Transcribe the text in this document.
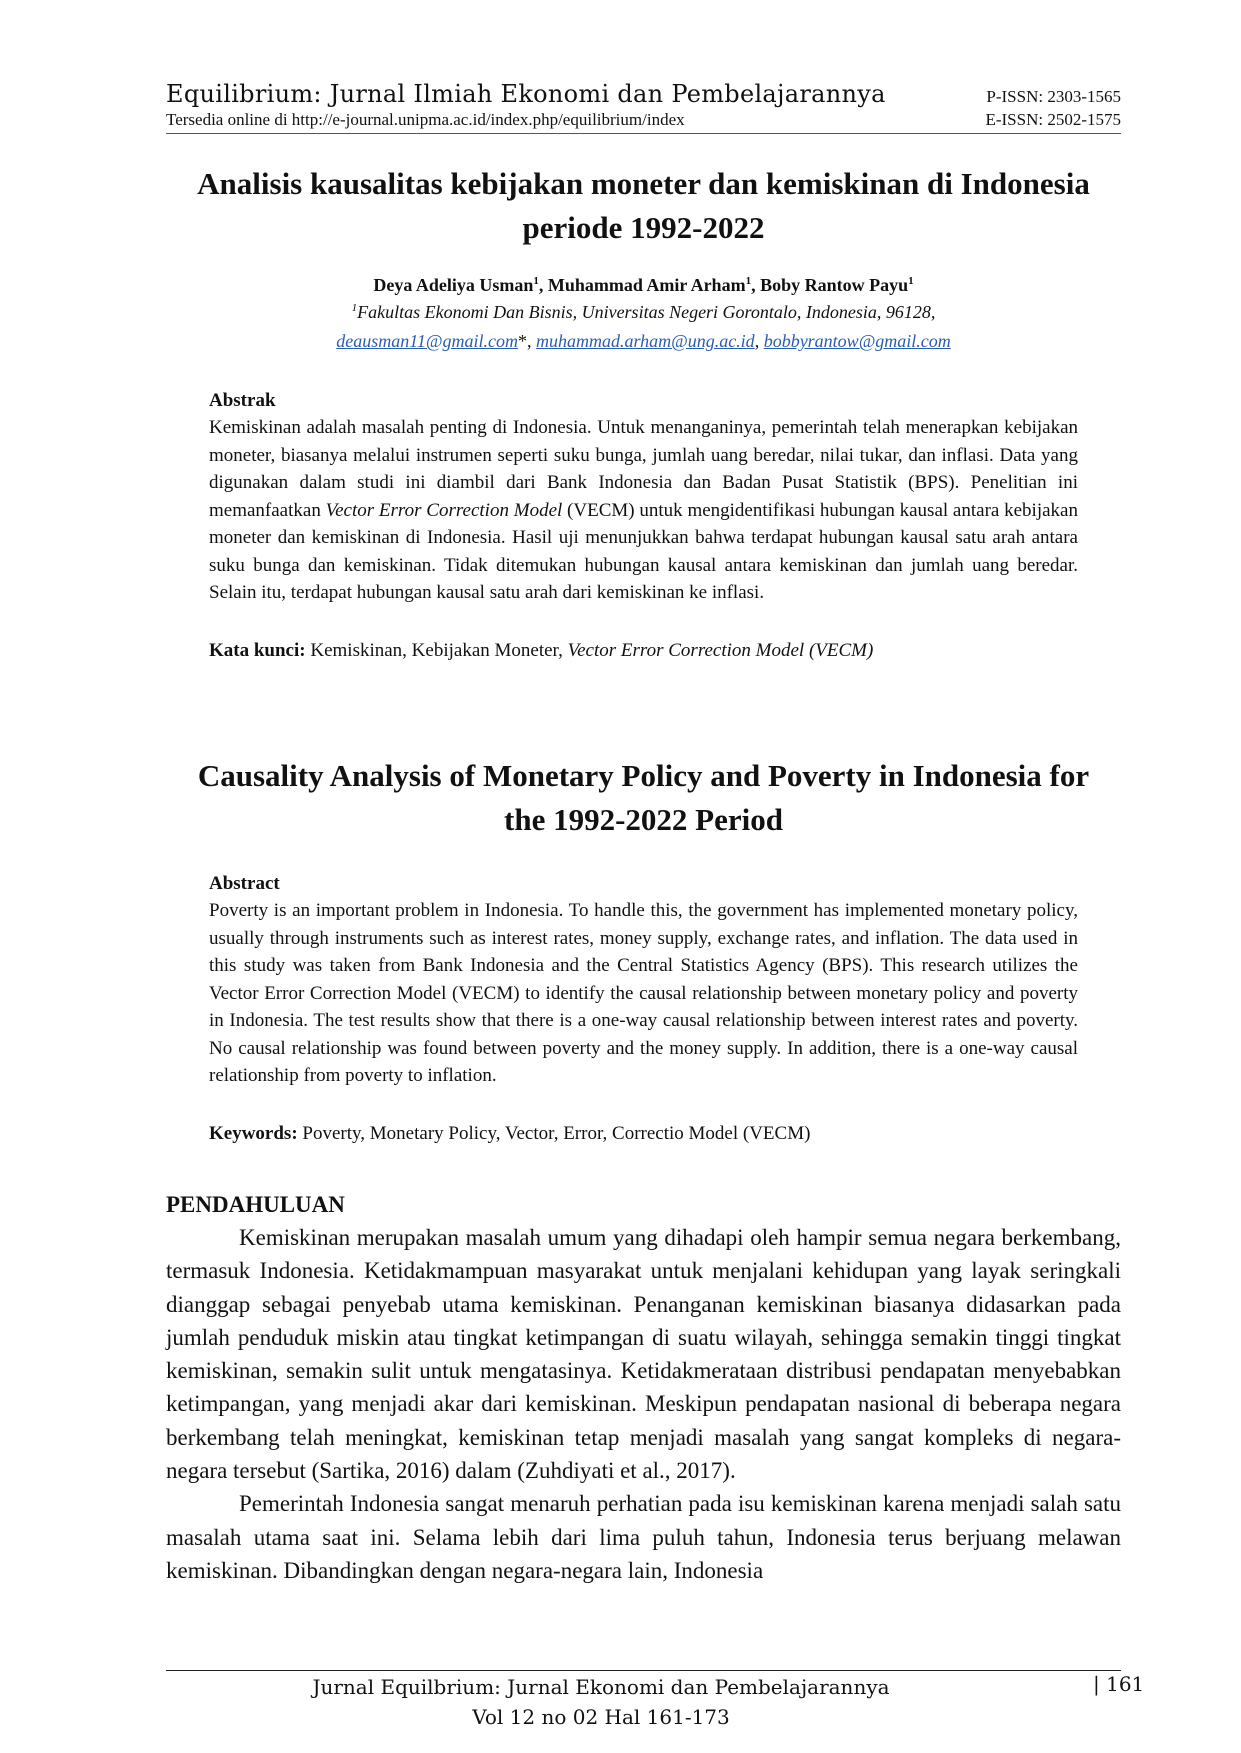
Equilibrium: Jurnal Ilmiah Ekonomi dan Pembelajarannya	P-ISSN: 2303-1565
Tersedia online di http://e-journal.unipma.ac.id/index.php/equilibrium/index	E-ISSN: 2502-1575
Analisis kausalitas kebijakan moneter dan kemiskinan di Indonesia
periode 1992-2022
Deya Adeliya Usman$^1$, Muhammad Amir Arham$^1$, Boby Rantow Payu$^1$
$^1$Fakultas Ekonomi Dan Bisnis, Universitas Negeri Gorontalo, Indonesia, 96128,
deausman11@gmail.com*, muhammad.arham@ung.ac.id, bobbyrantow@gmail.com
Abstrak
Kemiskinan adalah masalah penting di Indonesia. Untuk menanganinya, pemerintah telah menerapkan kebijakan moneter, biasanya melalui instrumen seperti suku bunga, jumlah uang beredar, nilai tukar, dan inflasi. Data yang digunakan dalam studi ini diambil dari Bank Indonesia dan Badan Pusat Statistik (BPS). Penelitian ini memanfaatkan Vector Error Correction Model (VECM) untuk mengidentifikasi hubungan kausal antara kebijakan moneter dan kemiskinan di Indonesia. Hasil uji menunjukkan bahwa terdapat hubungan kausal satu arah antara suku bunga dan kemiskinan. Tidak ditemukan hubungan kausal antara kemiskinan dan jumlah uang beredar. Selain itu, terdapat hubungan kausal satu arah dari kemiskinan ke inflasi.
Kata kunci: Kemiskinan, Kebijakan Moneter, Vector Error Correction Model (VECM)
Causality Analysis of Monetary Policy and Poverty in Indonesia for
the 1992-2022 Period
Abstract
Poverty is an important problem in Indonesia. To handle this, the government has implemented monetary policy, usually through instruments such as interest rates, money supply, exchange rates, and inflation. The data used in this study was taken from Bank Indonesia and the Central Statistics Agency (BPS). This research utilizes the Vector Error Correction Model (VECM) to identify the causal relationship between monetary policy and poverty in Indonesia. The test results show that there is a one-way causal relationship between interest rates and poverty. No causal relationship was found between poverty and the money supply. In addition, there is a one-way causal relationship from poverty to inflation.
Keywords: Poverty, Monetary Policy, Vector, Error, Correctio Model (VECM)
PENDAHULUAN

Kemiskinan merupakan masalah umum yang dihadapi oleh hampir semua negara berkembang, termasuk Indonesia. Ketidakmampuan masyarakat untuk menjalani kehidupan yang layak seringkali dianggap sebagai penyebab utama kemiskinan. Penanganan kemiskinan biasanya didasarkan pada jumlah penduduk miskin atau tingkat ketimpangan di suatu wilayah, sehingga semakin tinggi tingkat kemiskinan, semakin sulit untuk mengatasinya. Ketidakmerataan distribusi pendapatan menyebabkan ketimpangan, yang menjadi akar dari kemiskinan. Meskipun pendapatan nasional di beberapa negara berkembang telah meningkat, kemiskinan tetap menjadi masalah yang sangat kompleks di negara-negara tersebut (Sartika, 2016) dalam (Zuhdiyati et al., 2017).

Pemerintah Indonesia sangat menaruh perhatian pada isu kemiskinan karena menjadi salah satu masalah utama saat ini. Selama lebih dari lima puluh tahun, Indonesia terus berjuang melawan kemiskinan. Dibandingkan dengan negara-negara lain, Indonesia

Jurnal Equilbrium: Jurnal Ekonomi dan Pembelajarannya
Vol 12 no 02 Hal 161-173
| 161
